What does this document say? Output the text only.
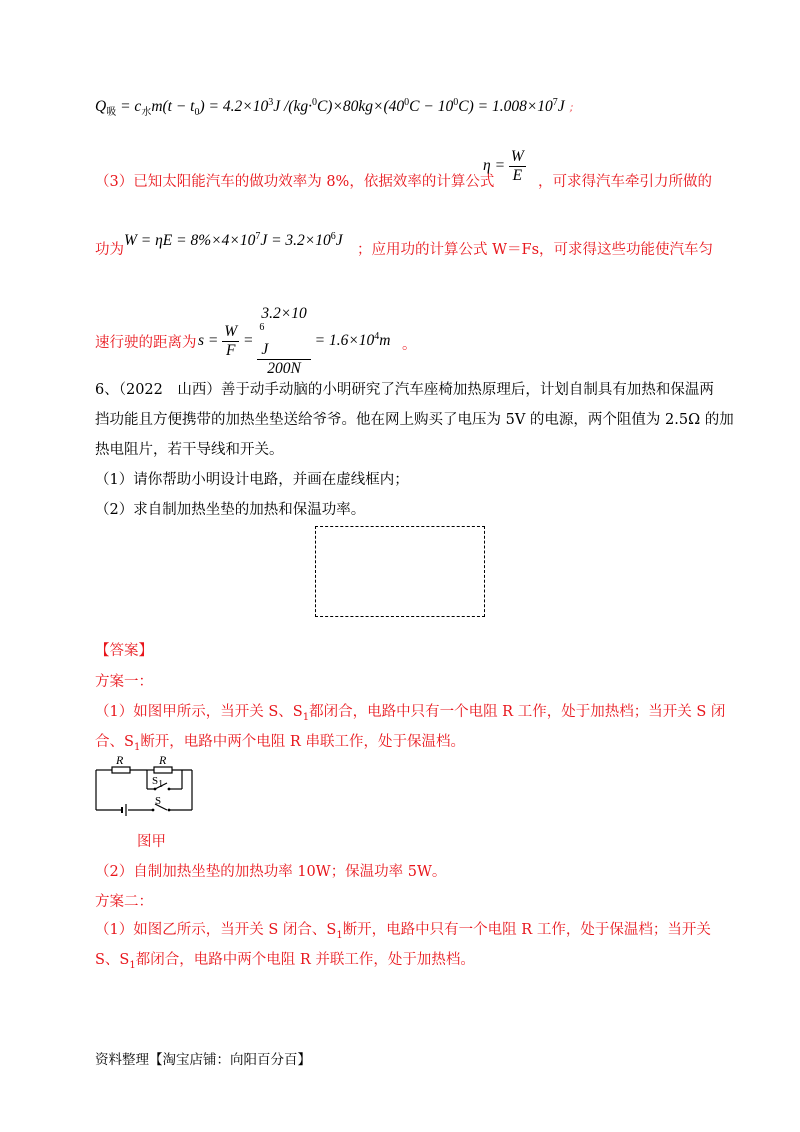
$Q_吸 = c_水m(t - t_0) = 4.2\times 10^3J$ $/(kg\cdot^0C)\times 80kg\times(40^0C - 10^0C) = 1.008\times 10^7J$ ；
（3）已知太阳能汽车的做功效率为 8%，依据效率的计算公式
$\eta = \frac{W}{E}$ ，可求得汽车牵引力所做的
功为
$W = \eta E = 8\%\times 4\times 10^7J = 3.2\times 10^6J$
；应用功的计算公式 W＝Fs，可求得这些功能使汽车匀
速行驶的距离为 $s = \frac{W}{F} = 3.2\times 10$
$^6$
J
$200N = 1.6\times 10^4m$ 。
6、（2022　山西）善于动手动脑的小明研究了汽车座椅加热原理后，计划自制具有加热和保温两
挡功能且方便携带的加热坐垫送给爷爷。他在网上购买了电压为 5V 的电源，两个阻值为 2.5Ω 的加
热电阻片，若干导线和开关。
（1）请你帮助小明设计电路，并画在虚线框内；
（2）求自制加热坐垫的加热和保温功率。
【答案】
方案一：
（1）如图甲所示，当开关 S、$S_1$都闭合，电路中只有一个电阻 R 工作，处于加热档；当开关 S 闭
合、$S_1$断开，电路中两个电阻 R 串联工作，处于保温档。
R	R
$S_1$
S
图甲
（2）自制加热坐垫的加热功率 10W；保温功率 5W。
方案二：
（1）如图乙所示，当开关 S 闭合、$S_1$断开，电路中只有一个电阻 R 工作，处于保温档；当开关
S、$S_1$都闭合，电路中两个电阻 R 并联工作，处于加热档。
资料整理【淘宝店铺：向阳百分百】
